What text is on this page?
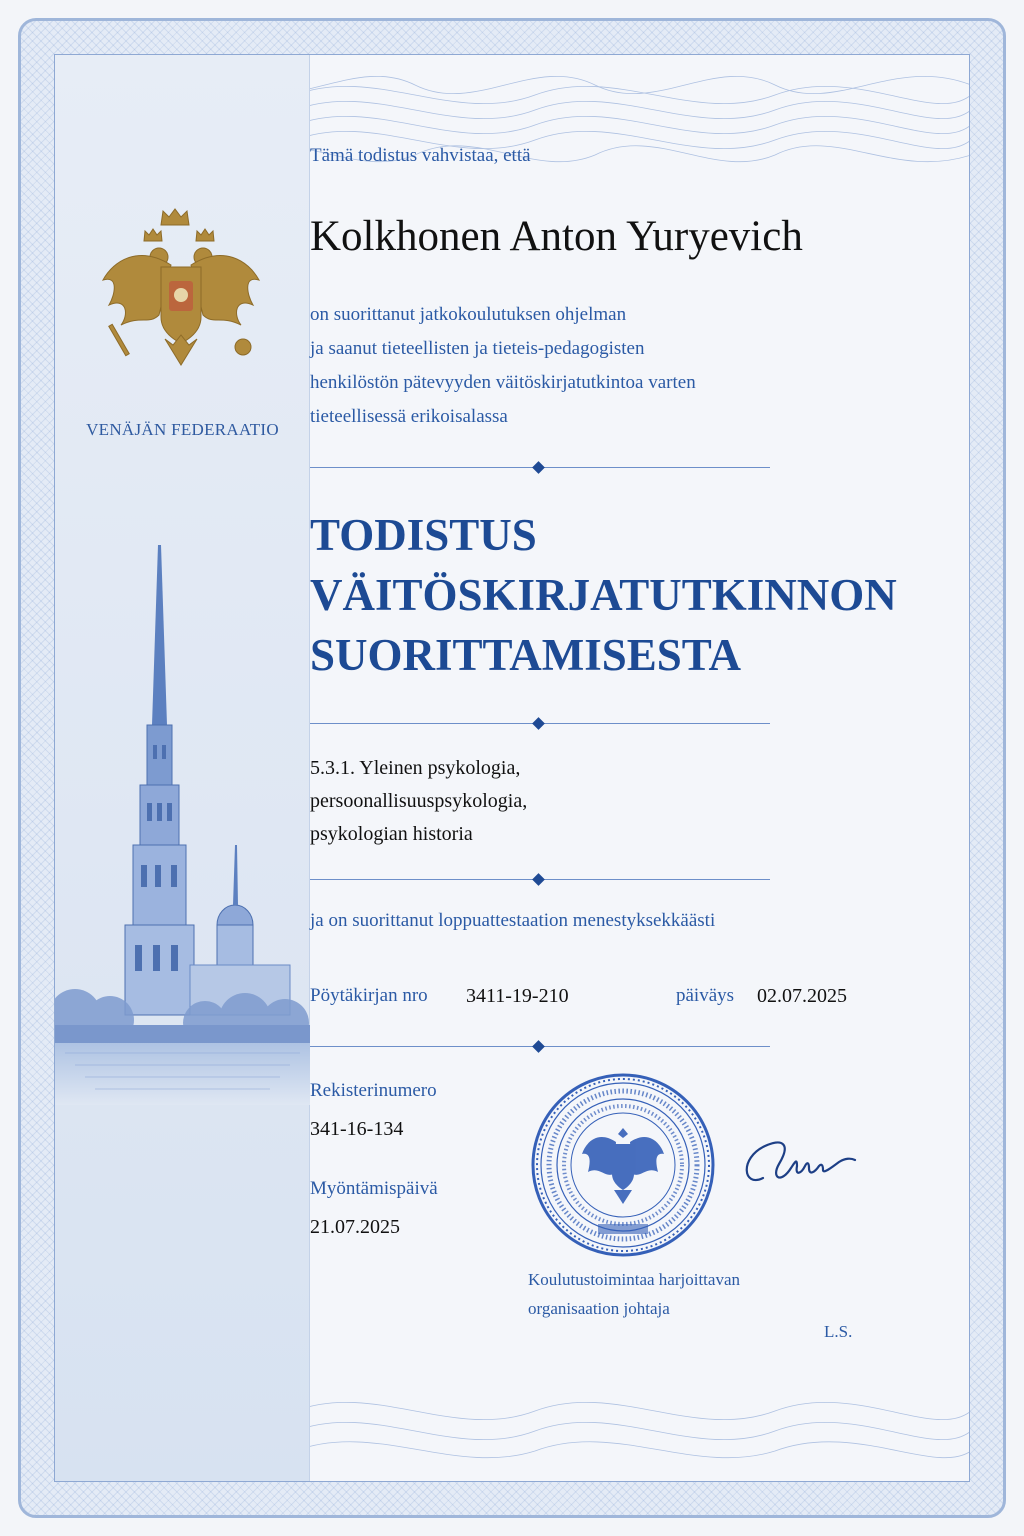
VENÄJÄN FEDERAATIO
Tämä todistus vahvistaa, että
Kolkhonen Anton Yuryevich
on suorittanut jatkokoulutuksen ohjelman
ja saanut tieteellisten ja tieteis-pedagogisten
henkilöstön pätevyyden väitöskirjatutkintoa varten
tieteellisessä erikoisalassa
TODISTUS
VÄITÖSKIRJATUTKINNON
SUORITTAMISESTA
5.3.1. Yleinen psykologia,
persoonallisuuspsykologia,
psykologian historia
ja on suorittanut loppuattestaation menestyksekkäästi
Pöytäkirjan nro 3411-19-210	päiväys 02.07.2025
Rekisterinumero
341-16-134
Myöntämispäivä
21.07.2025
Koulutustoimintaa harjoittavan
organisaation johtaja
L.S.
